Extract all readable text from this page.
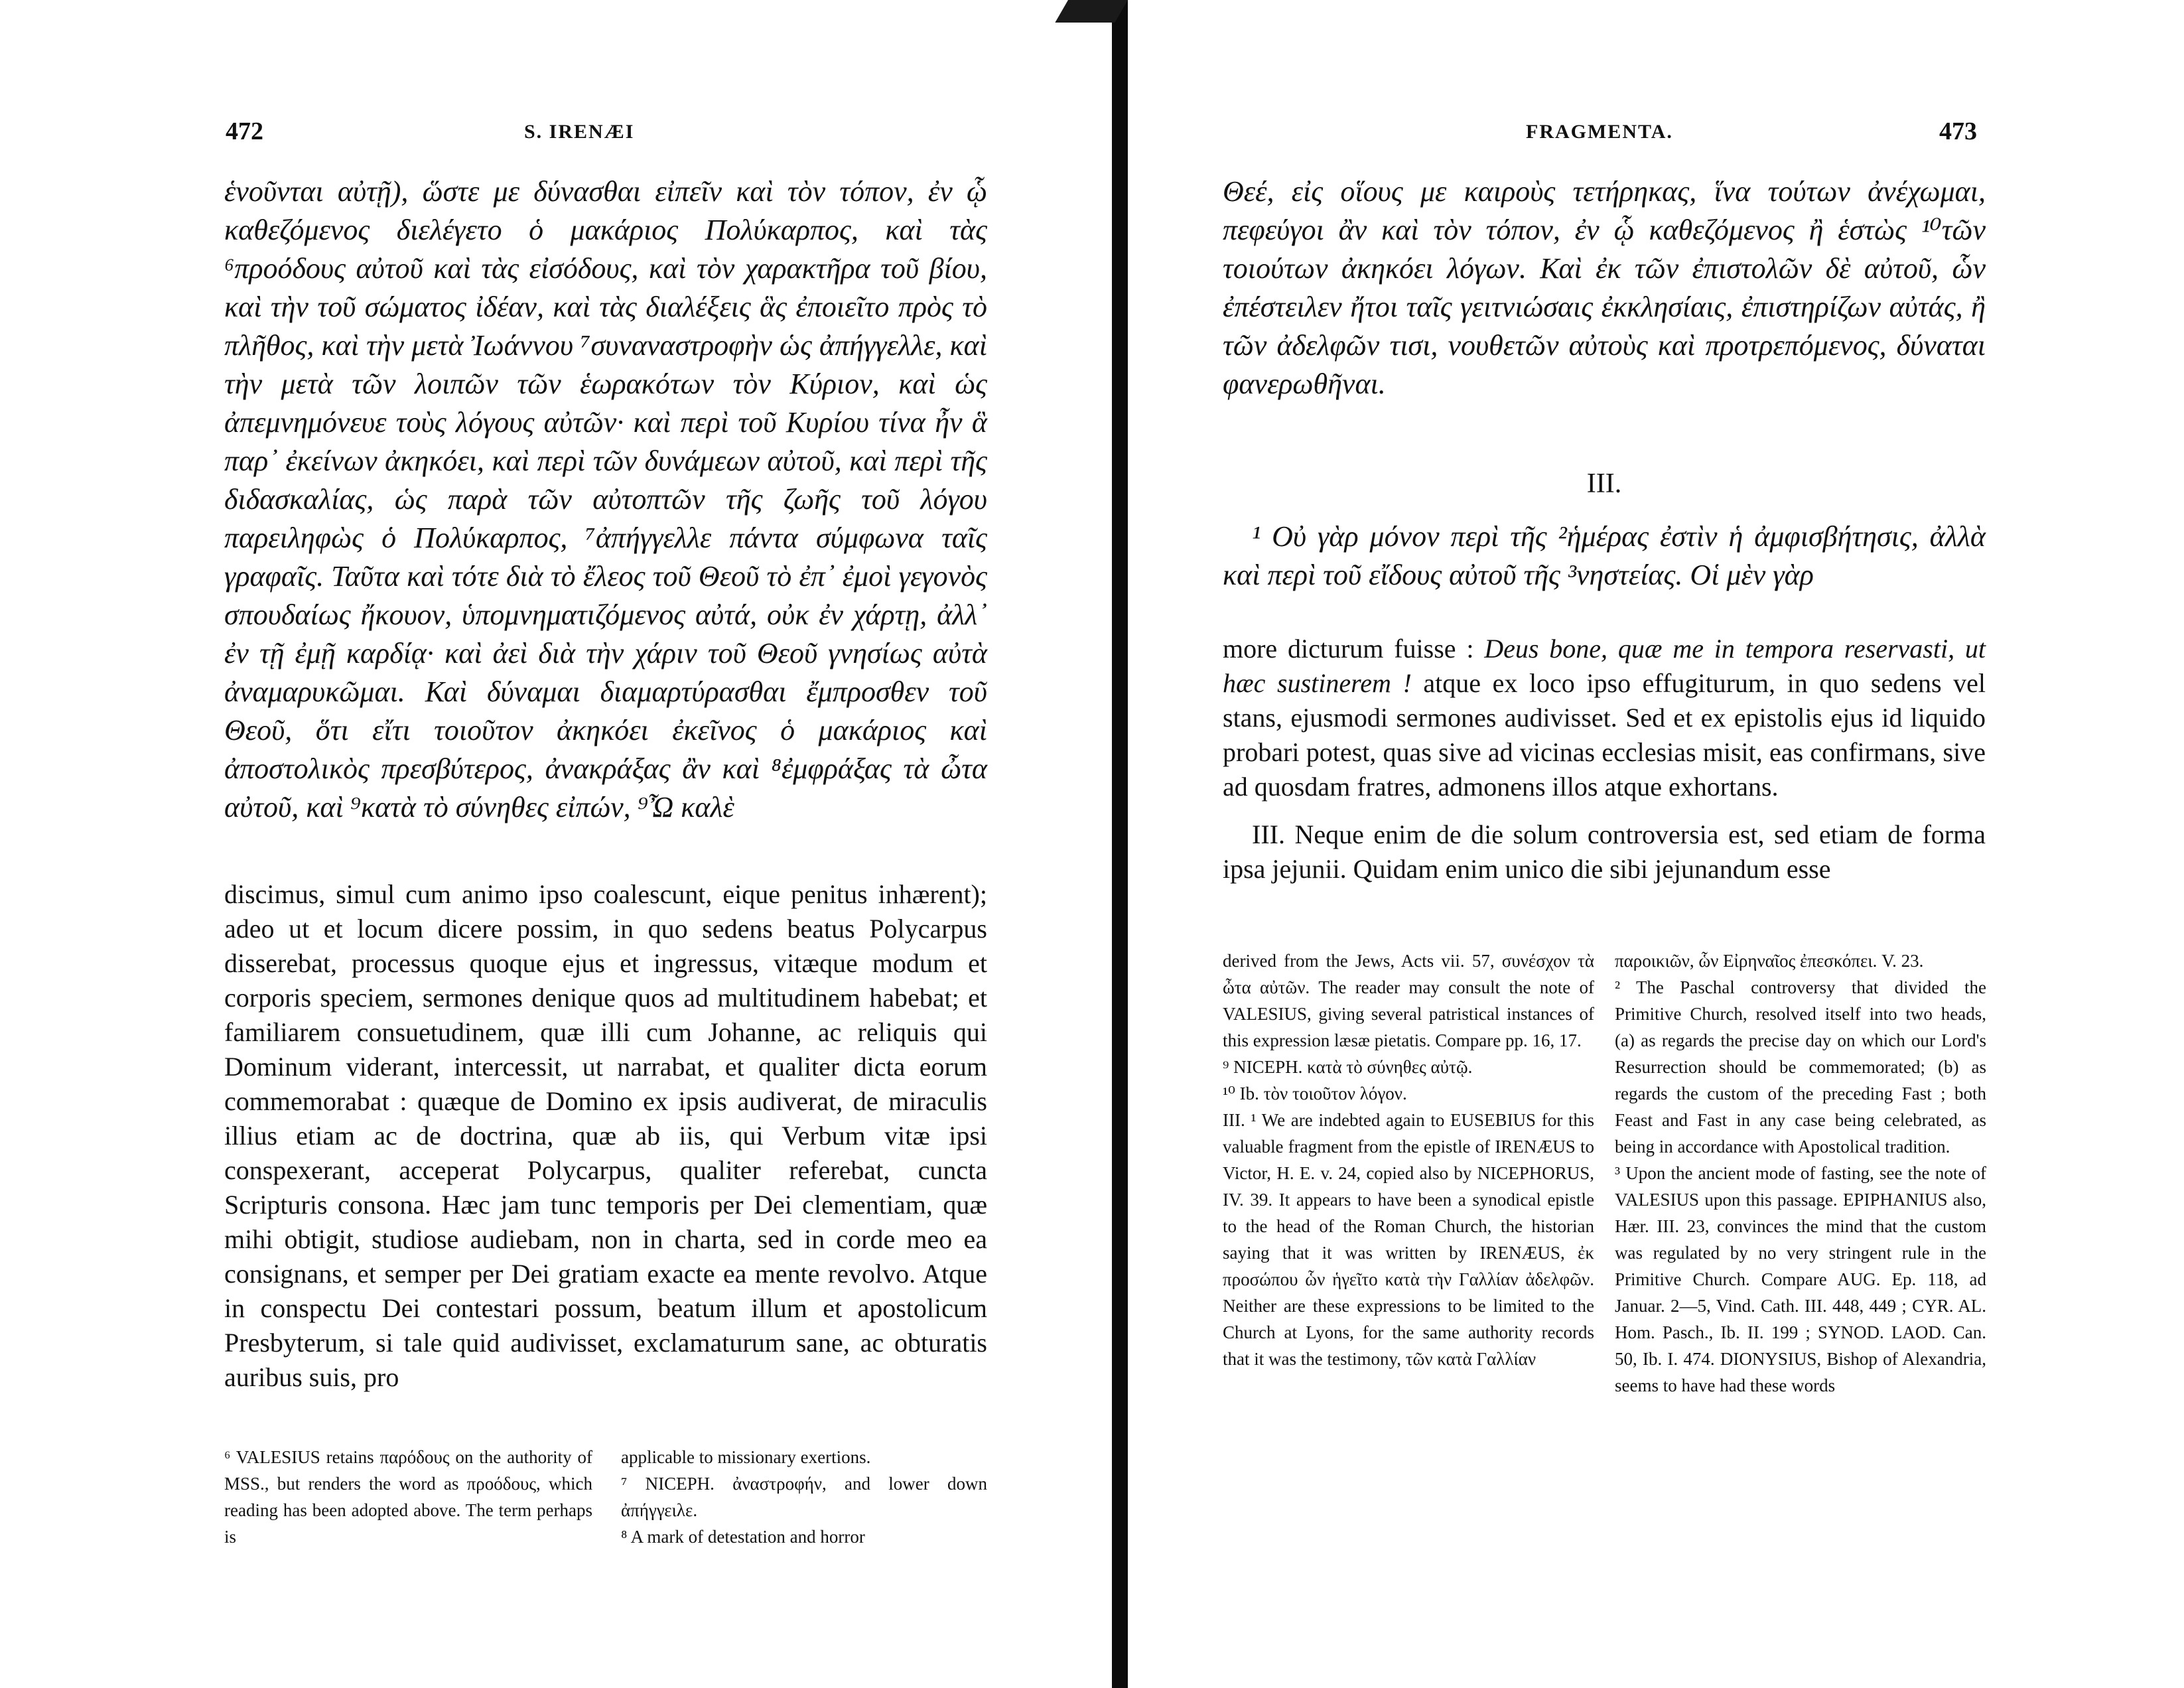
472	S. IRENÆI

ἑνοῦνται αὐτῇ), ὥστε με δύνασθαι εἰπεῖν καὶ τὸν τόπον, ἐν ᾧ καθεζόμενος διελέγετο ὁ μακάριος Πολύκαρπος, καὶ τὰς ⁶προόδους αὐτοῦ καὶ τὰς εἰσόδους, καὶ τὸν χαρακτῆρα τοῦ βίου, καὶ τὴν τοῦ σώματος ἰδέαν, καὶ τὰς διαλέξεις ἃς ἐποιεῖτο πρὸς τὸ πλῆθος, καὶ τὴν μετὰ Ἰωάννου ⁷συναναστροφὴν ὡς ἀπήγγελλε, καὶ τὴν μετὰ τῶν λοιπῶν τῶν ἑωρακότων τὸν Κύριον, καὶ ὡς ἀπεμνημόνευε τοὺς λόγους αὐτῶν· καὶ περὶ τοῦ Κυρίου τίνα ἦν ἃ παρ᾽ ἐκείνων ἀκηκόει, καὶ περὶ τῶν δυνάμεων αὐτοῦ, καὶ περὶ τῆς διδασκαλίας, ὡς παρὰ τῶν αὐτοπτῶν τῆς ζωῆς τοῦ λόγου παρειληφὼς ὁ Πολύκαρπος, ⁷ἀπήγγελλε πάντα σύμφωνα ταῖς γραφαῖς. Ταῦτα καὶ τότε διὰ τὸ ἔλεος τοῦ Θεοῦ τὸ ἐπ᾽ ἐμοὶ γεγονὸς σπουδαίως ἤκουον, ὑπομνηματιζόμενος αὐτά, οὐκ ἐν χάρτῃ, ἀλλ᾽ ἐν τῇ ἐμῇ καρδίᾳ· καὶ ἀεὶ διὰ τὴν χάριν τοῦ Θεοῦ γνησίως αὐτὰ ἀναμαρυκῶμαι. Καὶ δύναμαι διαμαρτύρασθαι ἔμπροσθεν τοῦ Θεοῦ, ὅτι εἴτι τοιοῦτον ἀκηκόει ἐκεῖνος ὁ μακάριος καὶ ἀποστολικὸς πρεσβύτερος, ἀνακράξας ἂν καὶ ⁸ἐμφράξας τὰ ὦτα αὐτοῦ, καὶ ⁹κατὰ τὸ σύνηθες εἰπών, ⁹Ὦ καλὲ

discimus, simul cum animo ipso coalescunt, eique penitus inhærent); adeo ut et locum dicere possim, in quo sedens beatus Polycarpus disserebat, processus quoque ejus et ingressus, vitæque modum et corporis speciem, sermones denique quos ad multitudinem habebat; et familiarem consuetudinem, quæ illi cum Johanne, ac reliquis qui Dominum viderant, intercessit, ut narrabat, et qualiter dicta eorum commemorabat : quæque de Domino ex ipsis audiverat, de miraculis illius etiam ac de doctrina, quæ ab iis, qui Verbum vitæ ipsi conspexerant, acceperat Polycarpus, qualiter referebat, cuncta Scripturis consona. Hæc jam tunc temporis per Dei clementiam, quæ mihi obtigit, studiose audiebam, non in charta, sed in corde meo ea consignans, et semper per Dei gratiam exacte ea mente revolvo. Atque in conspectu Dei contestari possum, beatum illum et apostolicum Presbyterum, si tale quid audivisset, exclamaturum sane, ac obturatis auribus suis, pro

⁶ VALESIUS retains παρόδους on the authority of MSS., but renders the word as προόδους, which reading has been adopted above. The term perhaps is

applicable to missionary exertions.

⁷ NICEPH. ἀναστροφήν, and lower down ἀπήγγειλε.

⁸ A mark of detestation and horror

FRAGMENTA.	473

Θεέ, εἰς οἵους με καιροὺς τετήρηκας, ἵνα τούτων ἀνέχωμαι, πεφεύγοι ἂν καὶ τὸν τόπον, ἐν ᾧ καθεζόμενος ἢ ἑστὼς ¹⁰τῶν τοιούτων ἀκηκόει λόγων. Καὶ ἐκ τῶν ἐπιστολῶν δὲ αὐτοῦ, ὧν ἐπέστειλεν ἤτοι ταῖς γειτνιώσαις ἐκκλησίαις, ἐπιστηρίζων αὐτάς, ἢ τῶν ἀδελφῶν τισι, νουθετῶν αὐτοὺς καὶ προτρεπόμενος, δύναται φανερωθῆναι.

III.

¹ Οὐ γὰρ μόνον περὶ τῆς ²ἡμέρας ἐστὶν ἡ ἀμφισβήτησις, ἀλλὰ καὶ περὶ τοῦ εἴδους αὐτοῦ τῆς ³νηστείας. Οἱ μὲν γὰρ

more dicturum fuisse : Deus bone, quæ me in tempora reservasti, ut hæc sustinerem ! atque ex loco ipso effugiturum, in quo sedens vel stans, ejusmodi sermones audivisset. Sed et ex epistolis ejus id liquido probari potest, quas sive ad vicinas ecclesias misit, eas confirmans, sive ad quosdam fratres, admonens illos atque exhortans.

III. Neque enim de die solum controversia est, sed etiam de forma ipsa jejunii. Quidam enim unico die sibi jejunandum esse

derived from the Jews, Acts vii. 57, συνέσχον τὰ ὦτα αὐτῶν. The reader may consult the note of VALESIUS, giving several patristical instances of this expression læsæ pietatis. Compare pp. 16, 17.

⁹ NICEPH. κατὰ τὸ σύνηθες αὐτῷ.

¹⁰ Ib. τὸν τοιοῦτον λόγον.

III. ¹ We are indebted again to EUSEBIUS for this valuable fragment from the epistle of IRENÆUS to Victor, H. E. v. 24, copied also by NICEPHORUS, IV. 39. It appears to have been a synodical epistle to the head of the Roman Church, the historian saying that it was written by IRENÆUS, ἐκ προσώπου ὧν ἡγεῖτο κατὰ τὴν Γαλλίαν ἀδελφῶν. Neither are these expressions to be limited to the Church at Lyons, for the same authority records that it was the testimony, τῶν κατὰ Γαλλίαν

παροικιῶν, ὧν Εἰρηναῖος ἐπεσκόπει. V. 23.

² The Paschal controversy that divided the Primitive Church, resolved itself into two heads, (a) as regards the precise day on which our Lord's Resurrection should be commemorated; (b) as regards the custom of the preceding Fast ; both Feast and Fast in any case being celebrated, as being in accordance with Apostolical tradition.

³ Upon the ancient mode of fasting, see the note of VALESIUS upon this passage. EPIPHANIUS also, Hær. III. 23, convinces the mind that the custom was regulated by no very stringent rule in the Primitive Church. Compare AUG. Ep. 118, ad Januar. 2—5, Vind. Cath. III. 448, 449 ; CYR. AL. Hom. Pasch., Ib. II. 199 ; SYNOD. LAOD. Can. 50, Ib. I. 474. DIONYSIUS, Bishop of Alexandria, seems to have had these words
